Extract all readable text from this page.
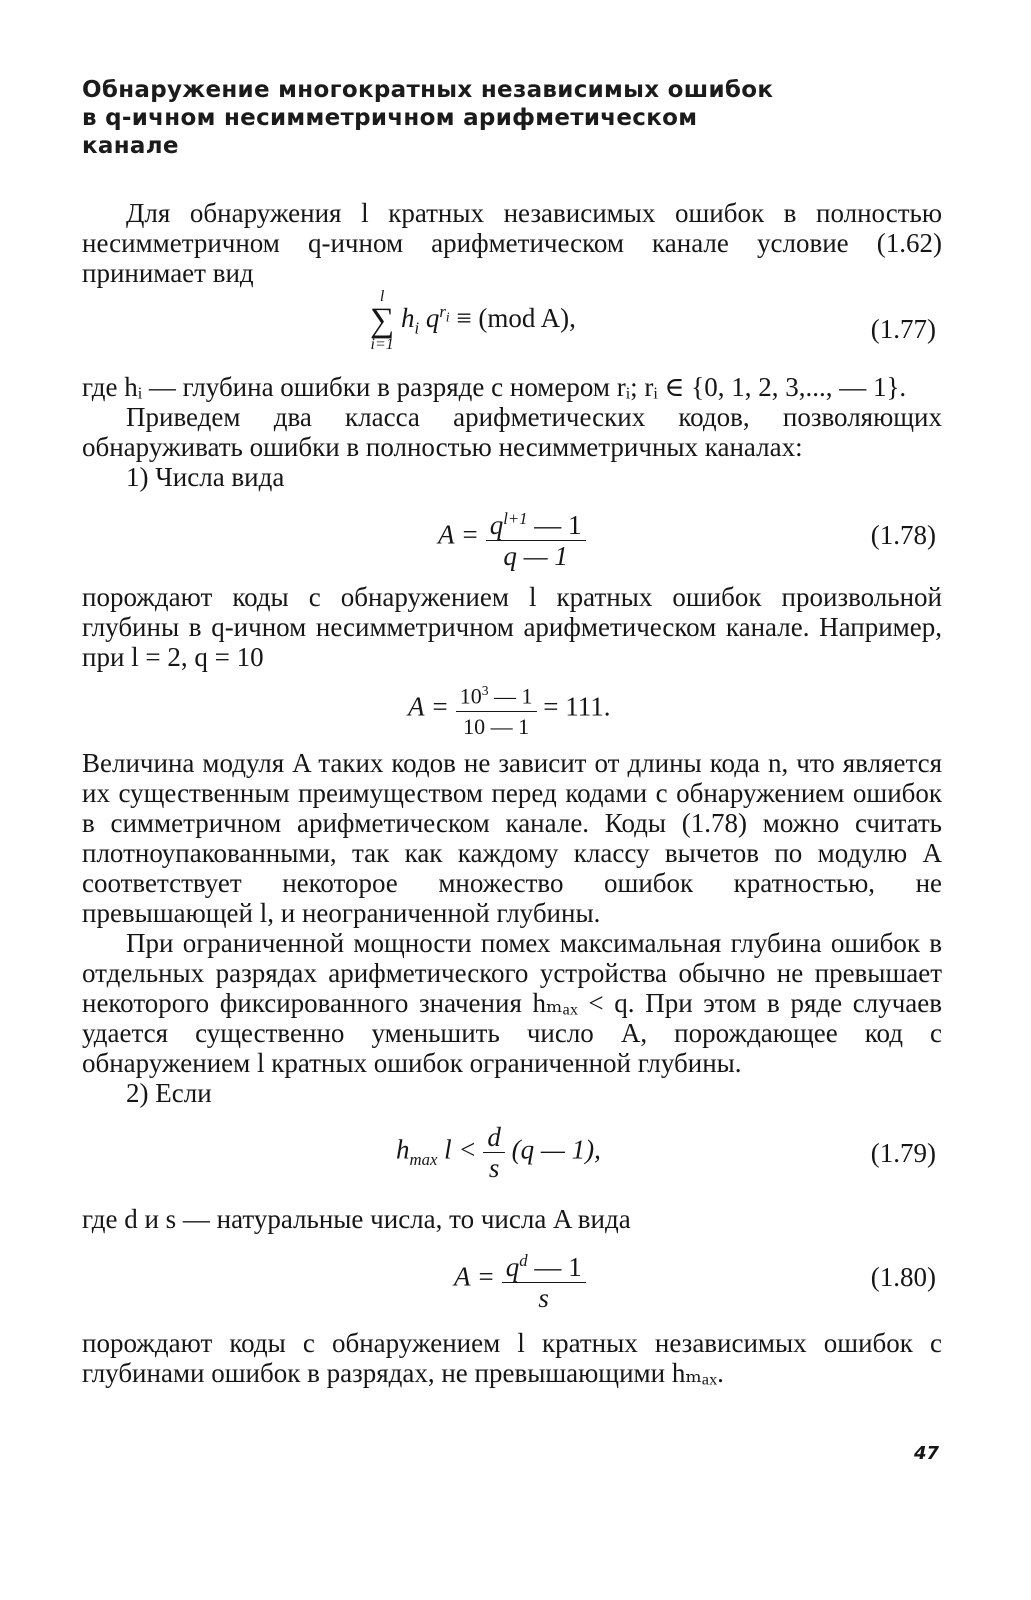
Обнаружение многократных независимых ошибок
в q-ичном несимметричном арифметическом
канале

Для обнаружения l кратных независимых ошибок в полностью несимметричном q-ичном арифметическом канале условие (1.62) принимает вид

l
∑
i=1
$h_i$ $q^{r_i} \equiv (mod$ A),	(1.77)

где hᵢ — глубина ошибки в разряде с номером rᵢ; rᵢ ∈ {0, 1, 2, 3,..., — 1}.

Приведем два класса арифметических кодов, позволяющих обнаруживать ошибки в полностью несимметричных каналах:

1) Числа вида

$A = \frac{q^{l+1} — 1}{q — 1}$	(1.78)

порождают коды с обнаружением l кратных ошибок произвольной глубины в q-ичном несимметричном арифметическом канале. Например, при l = 2, q = 10

$A = \frac{10^3 — 1}{10 — 1} = 111$.

Величина модуля A таких кодов не зависит от длины кода n, что является их существенным преимуществом перед кодами с обнаружением ошибок в симметричном арифметическом канале. Коды (1.78) можно считать плотноупакованными, так как каждому классу вычетов по модулю A соответствует некоторое множество ошибок кратностью, не превышающей l, и неограниченной глубины.

При ограниченной мощности помех максимальная глубина ошибок в отдельных разрядах арифметического устройства обычно не превышает некоторого фиксированного значения hₘₐₓ < q. При этом в ряде случаев удается существенно уменьшить число A, порождающее код с обнаружением l кратных ошибок ограниченной глубины.

2) Если

$h_{max}$ $l < \frac{d}{s} (q$ — 1),	(1.79)

где d и s — натуральные числа, то числа A вида

$A = \frac{q^d — 1}{s}$	(1.80)

порождают коды с обнаружением l кратных независимых ошибок с глубинами ошибок в разрядах, не превышающими hₘₐₓ.

47
